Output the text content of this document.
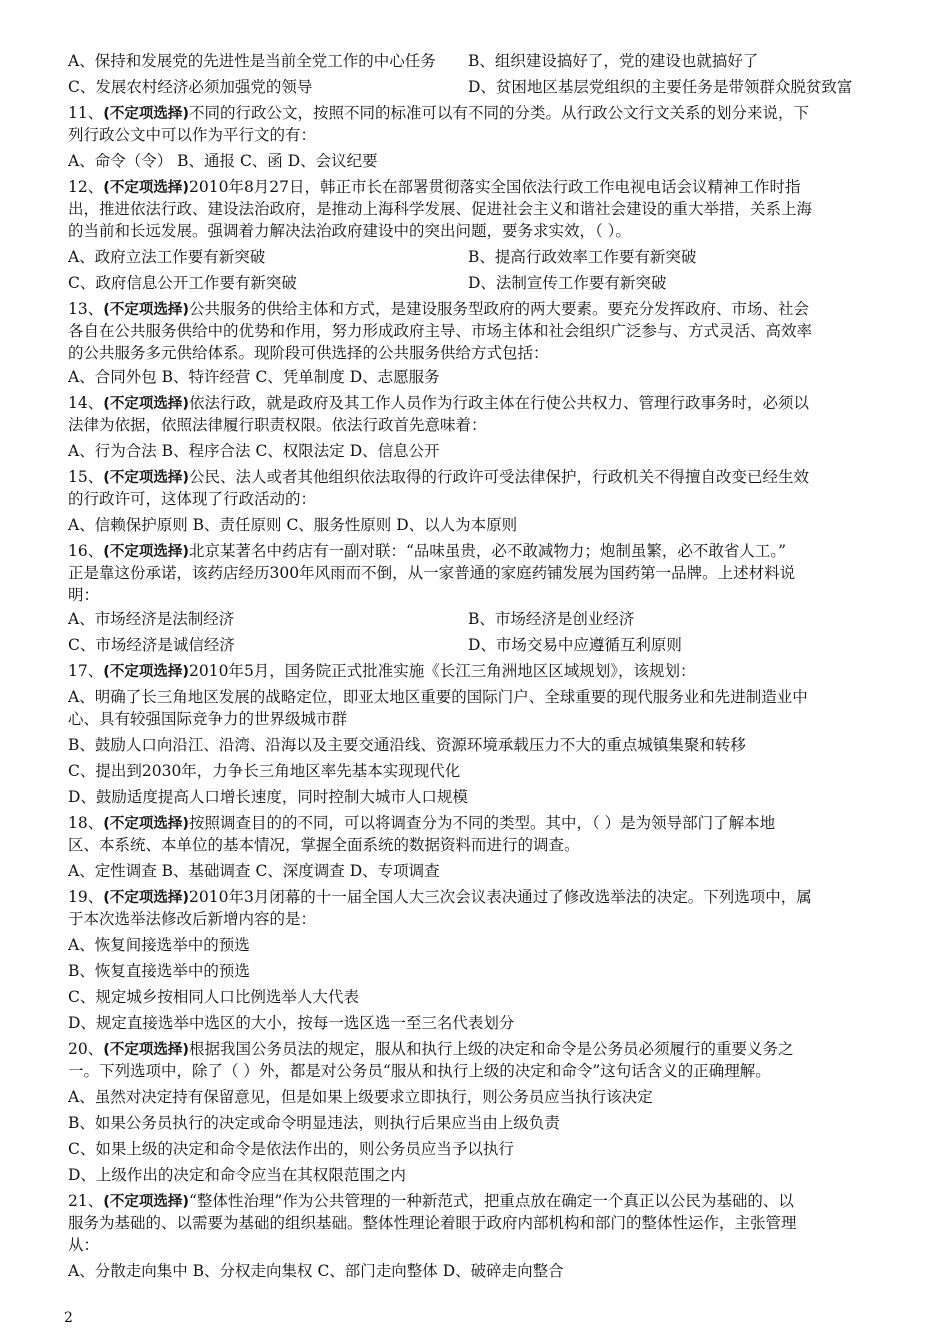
A、保持和发展党的先进性是当前全党工作的中心任务 B、组织建设搞好了，党的建设也就搞好了
C、发展农村经济必须加强党的领导	D、贫困地区基层党组织的主要任务是带领群众脱贫致富
11、(不定项选择)不同的行政公文，按照不同的标准可以有不同的分类。从行政公文行文关系的划分来说，下
列行政公文中可以作为平行文的有：
A、命令（令） B、通报 C、函 D、会议纪要
12、(不定项选择)2010年8月27日，韩正市长在部署贯彻落实全国依法行政工作电视电话会议精神工作时指
出，推进依法行政、建设法治政府，是推动上海科学发展、促进社会主义和谐社会建设的重大举措，关系上海
的当前和长远发展。强调着力解决法治政府建设中的突出问题，要务求实效，（ ）。
A、政府立法工作要有新突破	B、提高行政效率工作要有新突破
C、政府信息公开工作要有新突破	D、法制宣传工作要有新突破
13、(不定项选择)公共服务的供给主体和方式，是建设服务型政府的两大要素。要充分发挥政府、市场、社会
各自在公共服务供给中的优势和作用，努力形成政府主导、市场主体和社会组织广泛参与、方式灵活、高效率
的公共服务多元供给体系。现阶段可供选择的公共服务供给方式包括：
A、合同外包 B、特许经营 C、凭单制度 D、志愿服务
14、(不定项选择)依法行政，就是政府及其工作人员作为行政主体在行使公共权力、管理行政事务时，必须以
法律为依据，依照法律履行职责权限。依法行政首先意味着：
A、行为合法 B、程序合法 C、权限法定 D、信息公开
15、(不定项选择)公民、法人或者其他组织依法取得的行政许可受法律保护，行政机关不得擅自改变已经生效
的行政许可，这体现了行政活动的：
A、信赖保护原则 B、责任原则 C、服务性原则 D、以人为本原则
16、(不定项选择)北京某著名中药店有一副对联：“品味虽贵，必不敢减物力；炮制虽繁，必不敢省人工。”
正是靠这份承诺，该药店经历300年风雨而不倒，从一家普通的家庭药铺发展为国药第一品牌。上述材料说
明：
A、市场经济是法制经济	B、市场经济是创业经济
C、市场经济是诚信经济	D、市场交易中应遵循互利原则
17、(不定项选择)2010年5月，国务院正式批准实施《长江三角洲地区区域规划》，该规划：
A、明确了长三角地区发展的战略定位，即亚太地区重要的国际门户、全球重要的现代服务业和先进制造业中
心、具有较强国际竞争力的世界级城市群
B、鼓励人口向沿江、沿湾、沿海以及主要交通沿线、资源环境承载压力不大的重点城镇集聚和转移
C、提出到2030年，力争长三角地区率先基本实现现代化
D、鼓励适度提高人口增长速度，同时控制大城市人口规模
18、(不定项选择)按照调查目的的不同，可以将调查分为不同的类型。其中，（ ）是为领导部门了解本地
区、本系统、本单位的基本情况，掌握全面系统的数据资料而进行的调查。
A、定性调查 B、基础调查 C、深度调查 D、专项调查
19、(不定项选择)2010年3月闭幕的十一届全国人大三次会议表决通过了修改选举法的决定。下列选项中，属
于本次选举法修改后新增内容的是：
A、恢复间接选举中的预选
B、恢复直接选举中的预选
C、规定城乡按相同人口比例选举人大代表
D、规定直接选举中选区的大小，按每一选区选一至三名代表划分
20、(不定项选择)根据我国公务员法的规定，服从和执行上级的决定和命令是公务员必须履行的重要义务之
一。下列选项中，除了（ ）外，都是对公务员“服从和执行上级的决定和命令”这句话含义的正确理解。
A、虽然对决定持有保留意见，但是如果上级要求立即执行，则公务员应当执行该决定
B、如果公务员执行的决定或命令明显违法，则执行后果应当由上级负责
C、如果上级的决定和命令是依法作出的，则公务员应当予以执行
D、上级作出的决定和命令应当在其权限范围之内
21、(不定项选择)“整体性治理”作为公共管理的一种新范式，把重点放在确定一个真正以公民为基础的、以
服务为基础的、以需要为基础的组织基础。整体性理论着眼于政府内部机构和部门的整体性运作，主张管理
从：
A、分散走向集中 B、分权走向集权 C、部门走向整体 D、破碎走向整合
2
